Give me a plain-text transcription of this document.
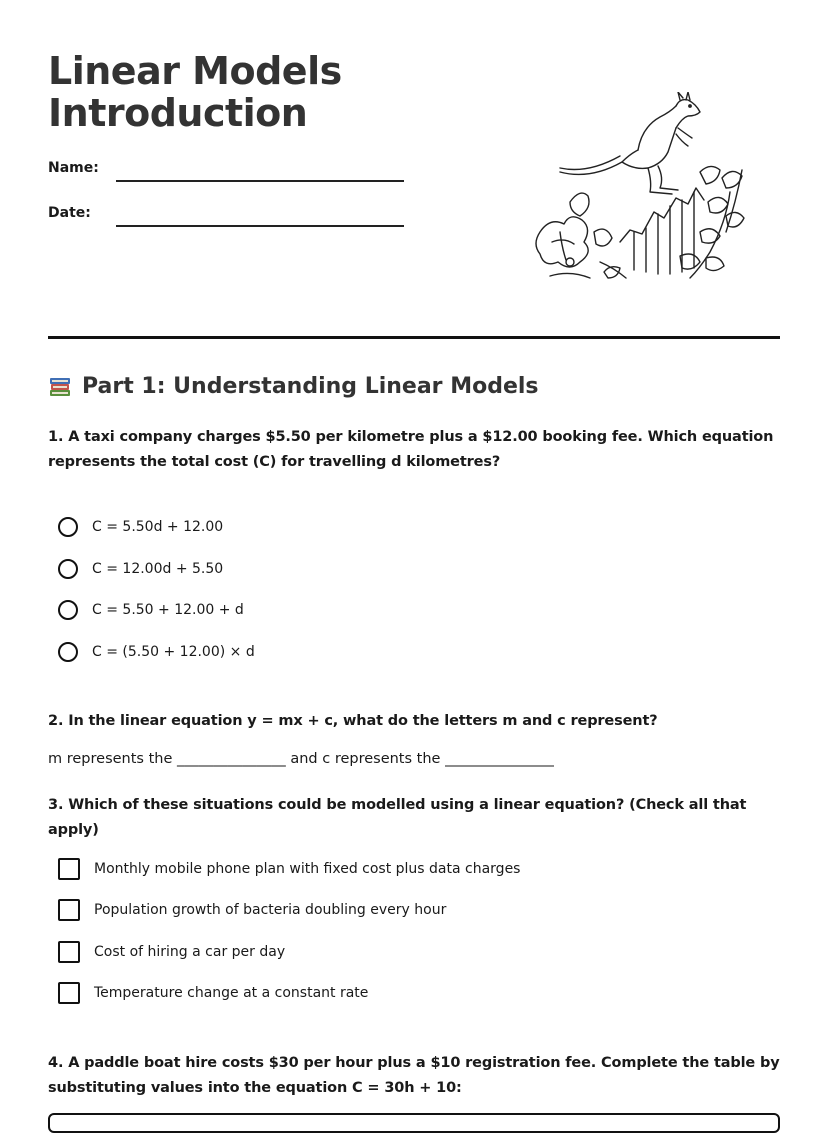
Linear Models
Introduction
Name:
Date:
Part 1: Understanding Linear Models

1. A taxi company charges $5.50 per kilometre plus a $12.00 booking fee. Which equation represents the total cost (C) for travelling d kilometres?

C = 5.50d + 12.00
C = 12.00d + 5.50
C = 5.50 + 12.00 + d
C = (5.50 + 12.00) × d

2. In the linear equation y = mx + c, what do the letters m and c represent?

m represents the _______________ and c represents the _______________

3. Which of these situations could be modelled using a linear equation? (Check all that apply)

Monthly mobile phone plan with fixed cost plus data charges
Population growth of bacteria doubling every hour
Cost of hiring a car per day
Temperature change at a constant rate

4. A paddle boat hire costs $30 per hour plus a $10 registration fee. Complete the table by substituting values into the equation C = 30h + 10:
